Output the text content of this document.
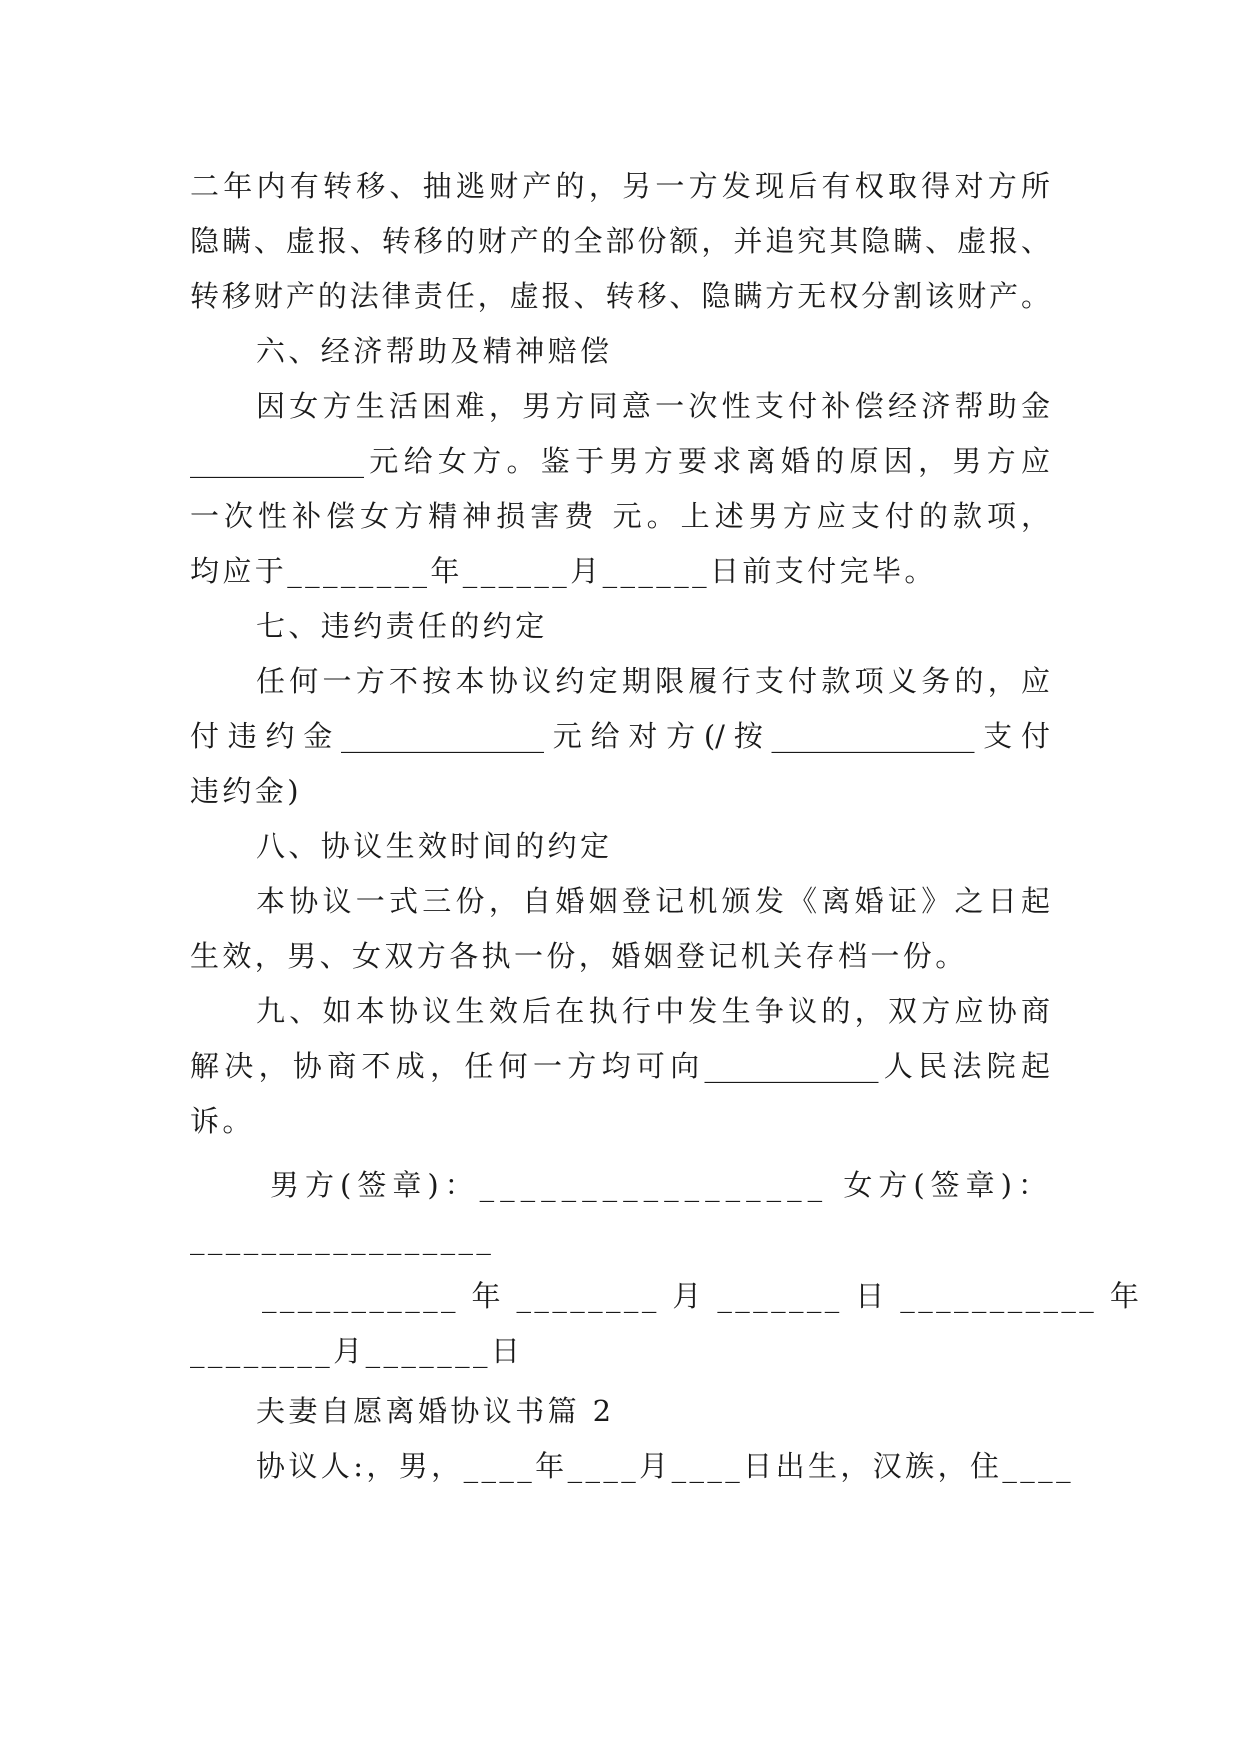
二年内有转移、抽逃财产的，另一方发现后有权取得对方所
隐瞒、虚报、转移的财产的全部份额，并追究其隐瞒、虚报、
转移财产的法律责任，虚报、转移、隐瞒方无权分割该财产。
六、经济帮助及精神赔偿
因女方生活困难，男方同意一次性支付补偿经济帮助金
____________元给女方。鉴于男方要求离婚的原因，男方应
一次性补偿女方精神损害费 元。上述男方应支付的款项，
均应于________年______月______日前支付完毕。
七、违约责任的约定
任何一方不按本协议约定期限履行支付款项义务的，应
付违约金______________元给对方(/按______________支付
违约金)
八、协议生效时间的约定
本协议一式三份，自婚姻登记机颁发《离婚证》之日起
生效，男、女双方各执一份，婚姻登记机关存档一份。
九、如本协议生效后在执行中发生争议的，双方应协商
解决，协商不成，任何一方均可向____________人民法院起
诉。
男方(签章)：_________________ 女方(签章)：
_________________
___________ 年 ________ 月 _______ 日 ___________ 年
________月_______日
夫妻自愿离婚协议书篇 2
协议人:，男，____年____月____日出生，汉族，住____
